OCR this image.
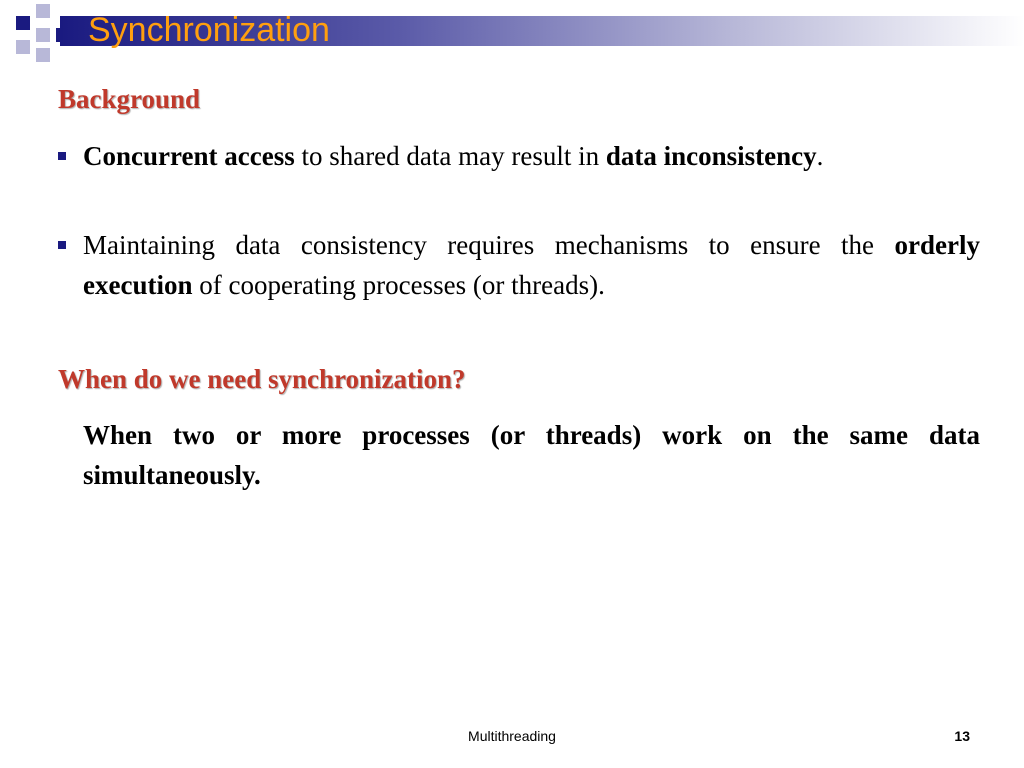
Synchronization
Background
Concurrent access to shared data may result in data inconsistency.
Maintaining data consistency requires mechanisms to ensure the orderly execution of cooperating processes (or threads).
When do we need synchronization?
When two or more processes (or threads) work on the same data simultaneously.
Multithreading	13
